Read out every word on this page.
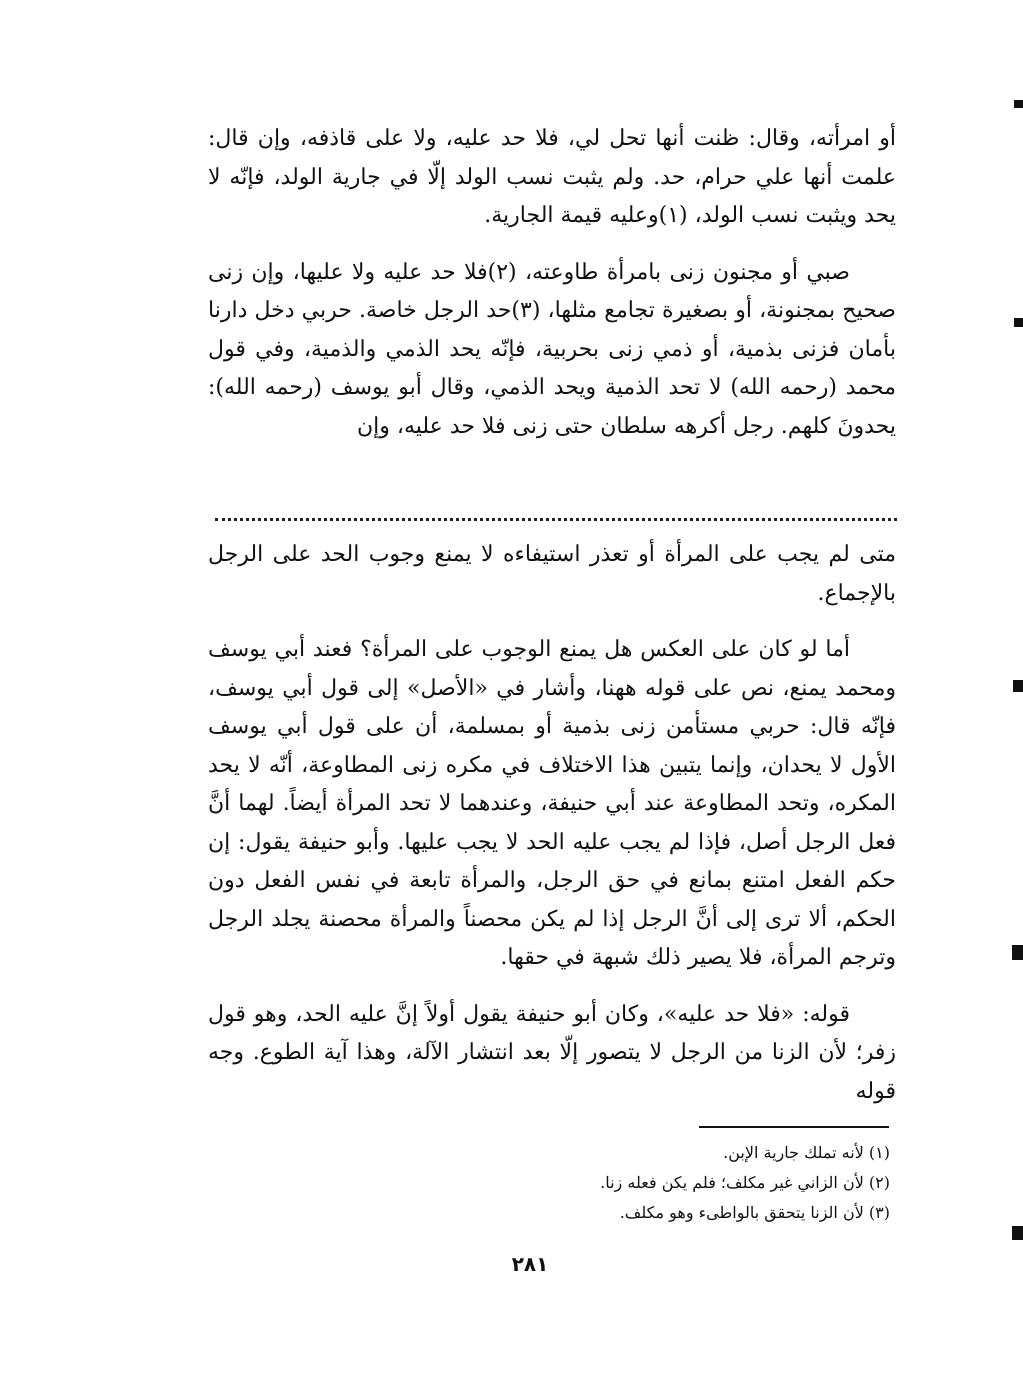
أو امرأته، وقال: ظنت أنها تحل لي، فلا حد عليه، ولا على قاذفه، وإن قال: علمت أنها علي حرام، حد. ولم يثبت نسب الولد إلّا في جارية الولد، فإنّه لا يحد ويثبت نسب الولد، (١)وعليه قيمة الجارية.

صبي أو مجنون زنى بامرأة طاوعته، (٢)فلا حد عليه ولا عليها، وإن زنى صحيح بمجنونة، أو بصغيرة تجامع مثلها، (٣)حد الرجل خاصة. حربي دخل دارنا بأمان فزنى بذمية، أو ذمي زنى بحربية، فإنّه يحد الذمي والذمية، وفي قول محمد (رحمه الله) لا تحد الذمية ويحد الذمي، وقال أبو يوسف (رحمه الله): يحدونَ كلهم. رجل أكرهه سلطان حتى زنى فلا حد عليه، وإن

متى لم يجب على المرأة أو تعذر استيفاءه لا يمنع وجوب الحد على الرجل بالإجماع.

أما لو كان على العكس هل يمنع الوجوب على المرأة؟ فعند أبي يوسف ومحمد يمنع، نص على قوله ههنا، وأشار في «الأصل» إلى قول أبي يوسف، فإنّه قال: حربي مستأمن زنى بذمية أو بمسلمة، أن على قول أبي يوسف الأول لا يحدان، وإنما يتبين هذا الاختلاف في مكره زنى المطاوعة، أنّه لا يحد المكره، وتحد المطاوعة عند أبي حنيفة، وعندهما لا تحد المرأة أيضاً. لهما أنَّ فعل الرجل أصل، فإذا لم يجب عليه الحد لا يجب عليها. وأبو حنيفة يقول: إن حكم الفعل امتنع بمانع في حق الرجل، والمرأة تابعة في نفس الفعل دون الحكم، ألا ترى إلى أنَّ الرجل إذا لم يكن محصناً والمرأة محصنة يجلد الرجل وترجم المرأة، فلا يصير ذلك شبهة في حقها.

قوله: «فلا حد عليه»، وكان أبو حنيفة يقول أولاً إنَّ عليه الحد، وهو قول زفر؛ لأن الزنا من الرجل لا يتصور إلّا بعد انتشار الآلة، وهذا آية الطوع. وجه قوله

(١) لأنه تملك جارية الإبن.
(٢) لأن الزاني غير مكلف؛ فلم يكن فعله زنا.
(٣) لأن الزنا يتحقق بالواطىء وهو مكلف.
٢٨١
